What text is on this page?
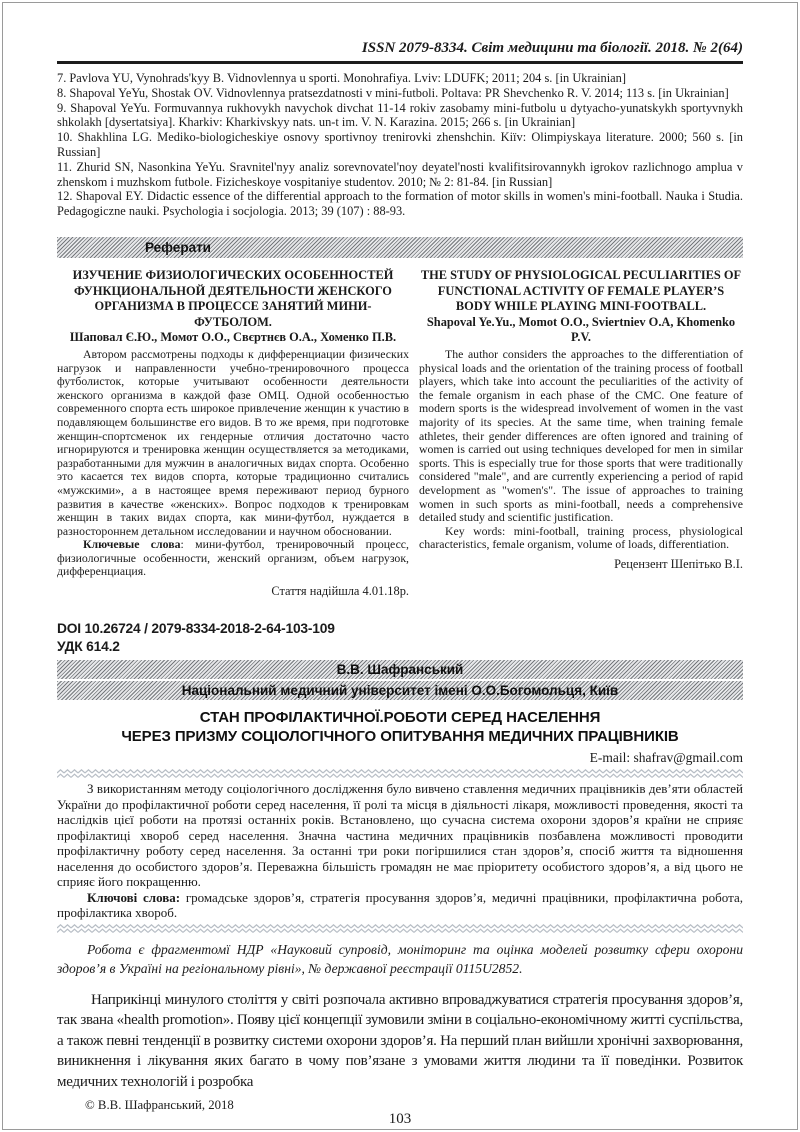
ISSN 2079-8334. Світ медицини та біології. 2018. № 2(64)

7. Pavlova YU, Vynohrads'kyy B. Vidnovlennya u sporti. Monohrafiya. Lviv: LDUFK; 2011; 204 s. [in Ukrainian]

8. Shapoval YeYu, Shostak OV. Vidnovlennya pratsezdatnosti v mini-futboli. Poltava: PR Shevchenko R. V. 2014; 113 s. [in Ukrainian]

9. Shapoval YeYu. Formuvannya rukhovykh navychok divchat 11-14 rokiv zasobamy mini-futbolu u dytyacho-yunatskykh sportyvnykh shkolakh [dysertatsiya]. Kharkiv: Kharkivskyy nats. un-t im. V. N. Karazina. 2015; 266 s. [in Ukrainian]

10. Shakhlina LG. Mediko-biologicheskiye osnovy sportivnoy trenirovki zhenshchin. Kiïv: Olimpiyskaya literature. 2000; 560 s. [in Russian]

11. Zhurid SN, Nasonkina YeYu. Sravnitel'nyy analiz sorevnovatel'noy deyatel'nosti kvalifitsirovannykh igrokov razlichnogo amplua v zhenskom i muzhskom futbole. Fizicheskoye vospitaniye studentov. 2010; № 2: 81-84. [in Russian]

12. Shapoval EY. Didactic essence of the differential approach to the formation of motor skills in women's mini-football. Nauka i Studia. Pedagogiczne nauki. Psychologia i socjologia. 2013; 39 (107) : 88-93.

Реферати

ИЗУЧЕНИЕ ФИЗИОЛОГИЧЕСКИХ ОСОБЕННОСТЕЙ ФУНКЦИОНАЛЬНОЙ ДЕЯТЕЛЬНОСТИ ЖЕНСКОГО ОРГАНИЗМА В ПРОЦЕССЕ ЗАНЯТИЙ МИНИ-ФУТБОЛОМ.

Шаповал Є.Ю., Момот О.О., Свєртнєв О.А., Хоменко П.В.

Автором рассмотрены подходы к дифференциации физических нагрузок и направленности учебно-тренировочного процесса футболисток, которые учитывают особенности деятельности женского организма в каждой фазе ОМЦ. Одной особенностью современного спорта есть широкое привлечение женщин к участию в подавляющем большинстве его видов. В то же время, при подготовке женщин-спортсменок их гендерные отличия достаточно часто игнорируются и тренировка женщин осуществляется за методиками, разработанными для мужчин в аналогичных видах спорта. Особенно это касается тех видов спорта, которые традиционно считались «мужскими», а в настоящее время переживают период бурного развития в качестве «женских». Вопрос подходов к тренировкам женщин в таких видах спорта, как мини-футбол, нуждается в разностороннем детальном исследовании и научном обосновании.

Ключевые слова: мини-футбол, тренировочный процесс, физиологичные особенности, женский организм, объем нагрузок, дифференциация.

Стаття надійшла 4.01.18р.

THE STUDY OF PHYSIOLOGICAL PECULIARITIES OF FUNCTIONAL ACTIVITY OF FEMALE PLAYER’S BODY WHILE PLAYING MINI-FOOTBALL.

Shapoval Ye.Yu., Momot O.O., Sviertniev O.A, Khomenko P.V.

The author considers the approaches to the differentiation of physical loads and the orientation of the training process of football players, which take into account the peculiarities of the activity of the female organism in each phase of the CMC. One feature of modern sports is the widespread involvement of women in the vast majority of its species. At the same time, when training female athletes, their gender differences are often ignored and training of women is carried out using techniques developed for men in similar sports. This is especially true for those sports that were traditionally considered "male", and are currently experiencing a period of rapid development as "women's". The issue of approaches to training women in such sports as mini-football, needs a comprehensive detailed study and scientific justification.

Key words: mini-football, training process, physiological characteristics, female organism, volume of loads, differentiation.

Рецензент Шепітько В.І.

DOI 10.26724 / 2079-8334-2018-2-64-103-109

УДК 614.2

В.В. Шафранський
Національний медичний університет імені О.О.Богомольця, Київ
СТАН ПРОФІЛАКТИЧНОЇ.РОБОТИ СЕРЕД НАСЕЛЕННЯ
ЧЕРЕЗ ПРИЗМУ СОЦІОЛОГІЧНОГО ОПИТУВАННЯ МЕДИЧНИХ ПРАЦІВНИКІВ

E-mail: shafrav@gmail.com

З використанням методу соціологічного дослідження було вивчено ставлення медичних працівників дев’яти областей України до профілактичної роботи серед населення, її ролі та місця в діяльності лікаря, можливості проведення, якості та наслідків цієї роботи на протязі останніх років. Встановлено, що сучасна система охорони здоров’я країни не сприяє профілактиці хвороб серед населення. Значна частина медичних працівників позбавлена можливості проводити профілактичну роботу серед населення. За останні три роки погіршилися стан здоров’я, спосіб життя та відношення населення до особистого здоров’я. Переважна більшість громадян не має пріоритету особистого здоров’я, а від цього не сприяє його покращенню.

Ключові слова: громадське здоров’я, стратегія просування здоров’я, медичні працівники, профілактична робота, профілактика хвороб.

Робота є фрагментомї НДР «Науковий супровід, моніторинг та оцінка моделей розвитку сфери охорони здоров’я в Україні на регіональному рівні», № державної реєстрації 0115U2852.

Наприкінці минулого століття у світі розпочала активно впроваджуватися стратегія просування здоров’я, так звана «health promotion». Появу цієї концепції зумовили зміни в соціально-економічному житті суспільства, а також певні тенденції в розвитку системи охорони здоров’я. На перший план вийшли хронічні захворювання, виникнення і лікування яких багато в чому пов’язане з умовами життя людини та її поведінки. Розвиток медичних технологій і розробка

© В.В. Шафранський, 2018

103
